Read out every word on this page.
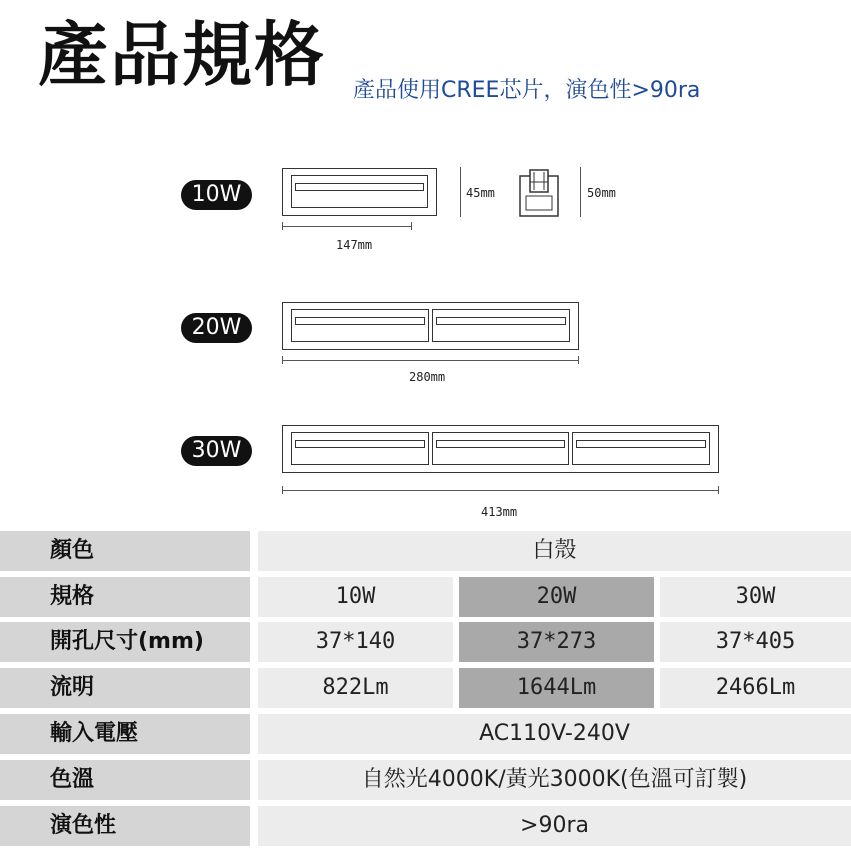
產品規格 產品使用CREE芯片，演色性>90ra
10W
147mm
45mm	50mm
20W
280mm
30W
413mm
顏色	白殼
規格	10W	20W	30W
開孔尺寸(mm)	37*140	37*273	37*405
流明	822Lm	1644Lm	2466Lm
輸入電壓	AC110V-240V
色溫	自然光4000K/黃光3000K(色溫可訂製)
演色性	>90ra
